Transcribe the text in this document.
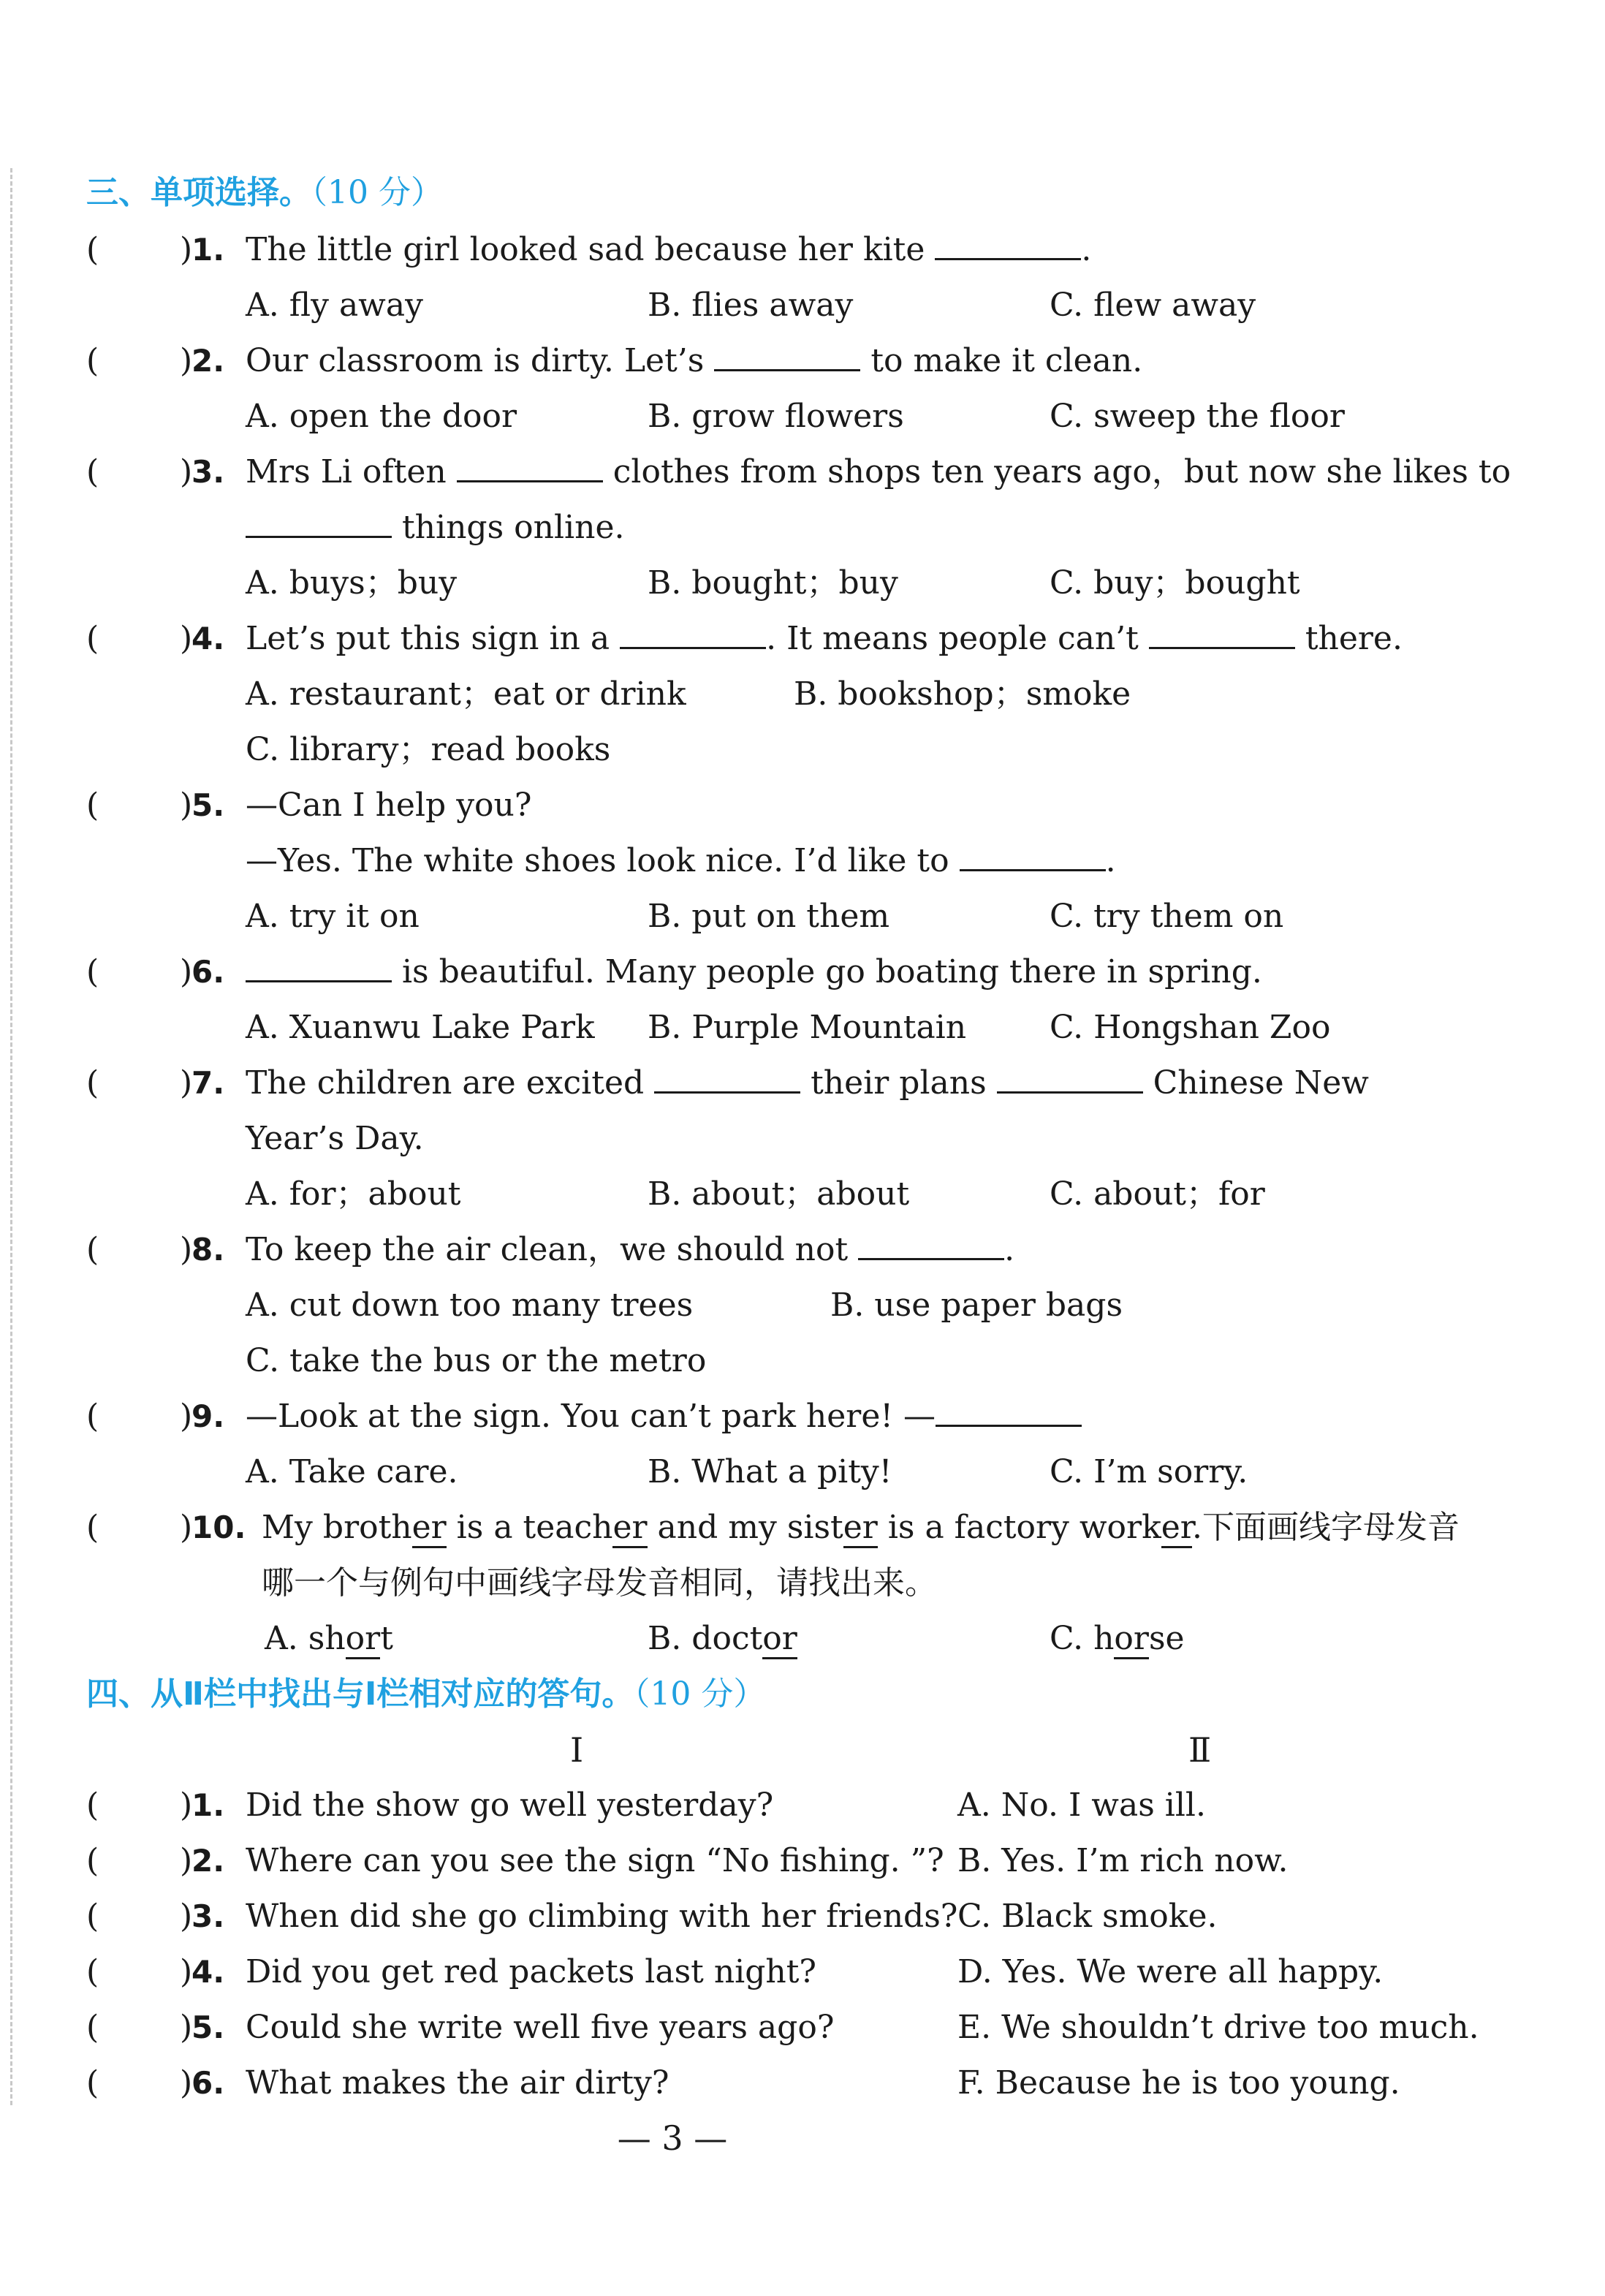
三、单项选择。（10 分）
(	)
1. The little girl looked sad because her kite	.
A. fly away	B. flies away	C. flew away
(	)
2. Our classroom is dirty. Let’s	to make it clean.
A. open the door	B. grow flowers	C. sweep the floor
(	)
3. Mrs Li often	clothes from shops ten years ago，but now she likes to
things online.
A. buys；buy	B. bought；buy	C. buy；bought
(	)
4. Let’s put this sign in a	. It means people can’t	there.
A. restaurant；eat or drink	B. bookshop；smoke
C. library；read books
(	)
5. —Can I help you?
—Yes. The white shoes look nice. I’d like to	.
A. try it on	B. put on them	C. try them on
(	)
6.	is beautiful. Many people go boating there in spring.
A. Xuanwu Lake Park B. Purple Mountain	C. Hongshan Zoo
(	)
7. The children are excited	their plans	Chinese New
Year’s Day.
A. for；about	B. about；about	C. about；for
(	)
8. To keep the air clean，we should not	.
A. cut down too many trees	B. use paper bags
C. take the bus or the metro
(	)
9. —Look at the sign. You can’t park here! —
A. Take care.	B. What a pity!	C. I’m sorry.
(	)
10. My brother is a teacher and my sister is a factory worker.下面画线字母发音
哪一个与例句中画线字母发音相同，请找出来。
A. short	B. doctor	C. horse
四、从Ⅱ栏中找出与Ⅰ栏相对应的答句。（10 分）
Ⅰ	Ⅱ
(	)
1. Did the show go well yesterday?	A. No. I was ill.
(	)
2. Where can you see the sign “No fishing. ”? B. Yes. I’m rich now.
(	)
3. When did she go climbing with her friends? C. Black smoke.
(	)
4. Did you get red packets last night?	D. Yes. We were all happy.
(	)
5. Could she write well five years ago?	E. We shouldn’t drive too much.
(	)
6. What makes the air dirty?	F. Because he is too young.
— 3 —
